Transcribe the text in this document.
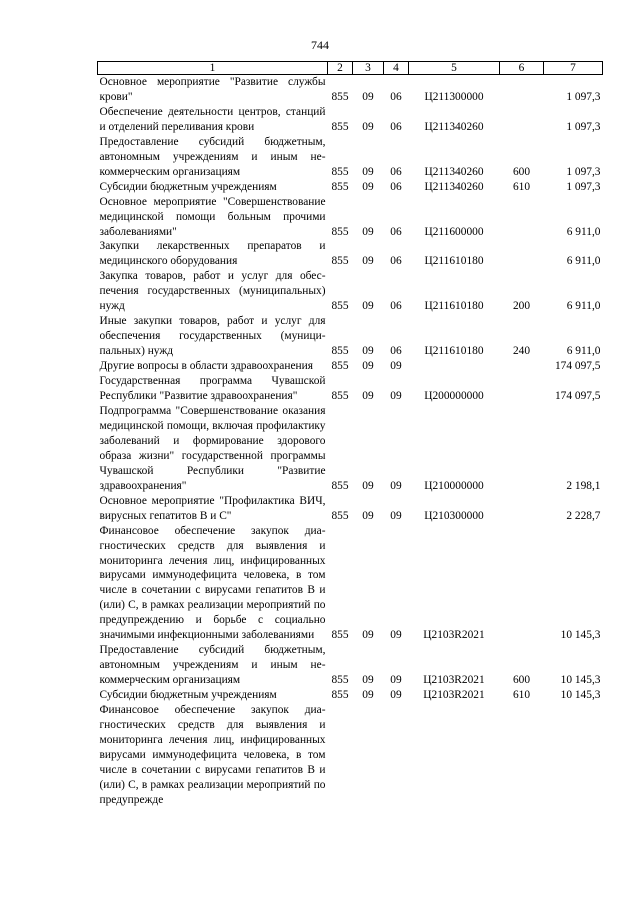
744
1	2	3	4	5	6	7
Основное мероприятие "Развитие службы крови"	855	09	06	Ц211300000		1 097,3
Обеспечение деятельности центров, станций и отделений переливания крови	855	09	06	Ц211340260		1 097,3
Предоставление субсидий бюджетным, автономным учреждениям и иным некоммерческим организациям	855	09	06	Ц211340260	600	1 097,3
Субсидии бюджетным учреждениям	855	09	06	Ц211340260	610	1 097,3
Основное мероприятие "Совершенствование медицинской помощи больным прочими заболеваниями"	855	09	06	Ц211600000		6 911,0
Закупки лекарственных препаратов и медицинского оборудования	855	09	06	Ц211610180		6 911,0
Закупка товаров, работ и услуг для обеспечения государственных (муниципальных) нужд	855	09	06	Ц211610180	200	6 911,0
Иные закупки товаров, работ и услуг для обеспечения государственных (муниципальных) нужд	855	09	06	Ц211610180	240	6 911,0
Другие вопросы в области здравоохранения	855	09	09			174 097,5
Государственная программа Чувашской Республики "Развитие здравоохранения"	855	09	09	Ц200000000		174 097,5
Подпрограмма "Совершенствование оказания медицинской помощи, включая профилактику заболеваний и формирование здорового образа жизни" государственной программы Чувашской Республики "Развитие здравоохранения"	855	09	09	Ц210000000		2 198,1
Основное мероприятие "Профилактика ВИЧ, вирусных гепатитов В и С"	855	09	09	Ц210300000		2 228,7
Финансовое обеспечение закупок диагностических средств для выявления и мониторинга лечения лиц, инфицированных вирусами иммунодефицита человека, в том числе в сочетании с вирусами гепатитов В и (или) С, в рамках реализации мероприятий по предупреждению и борьбе с социально значимыми инфекционными заболеваниями	855	09	09	Ц2103R2021		10 145,3
Предоставление субсидий бюджетным, автономным учреждениям и иным некоммерческим организациям	855	09	09	Ц2103R2021	600	10 145,3
Субсидии бюджетным учреждениям	855	09	09	Ц2103R2021	610	10 145,3
Финансовое обеспечение закупок диагностических средств для выявления и мониторинга лечения лиц, инфицированных вирусами иммунодефицита человека, в том числе в сочетании с вирусами гепатитов В и (или) С, в рамках реализации мероприятий по предупрежде						
